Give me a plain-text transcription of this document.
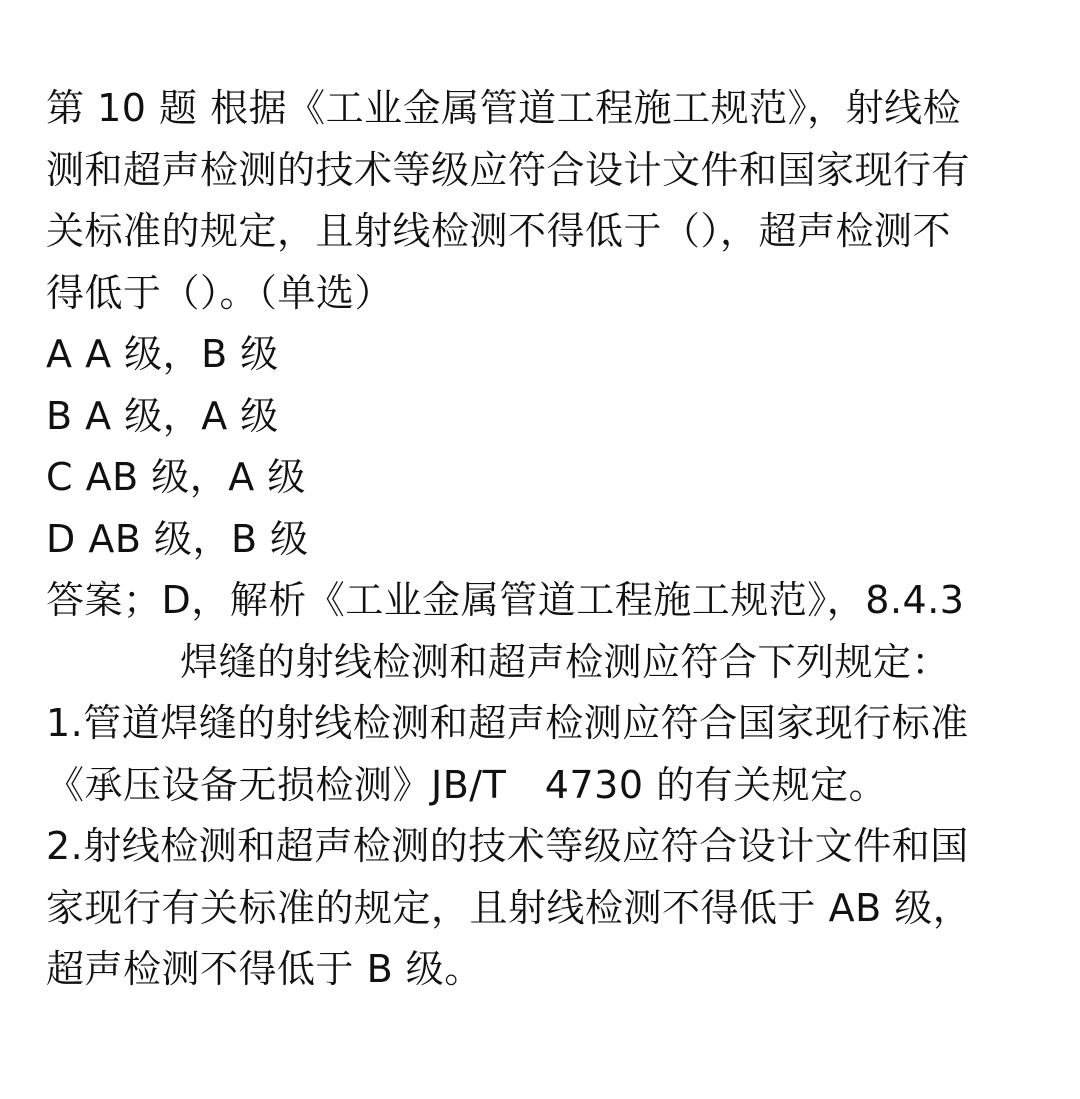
第 10 题 根据《工业金属管道工程施工规范》，射线检
测和超声检测的技术等级应符合设计文件和国家现行有
关标准的规定，且射线检测不得低于（），超声检测不
得低于（）。（单选）
A A 级，B 级
B A 级，A 级
C AB 级，A 级
D AB 级，B 级
答案；D，解析《工业金属管道工程施工规范》，8.4.3
焊缝的射线检测和超声检测应符合下列规定：
1.管道焊缝的射线检测和超声检测应符合国家现行标准
《承压设备无损检测》JB/T　4730 的有关规定。
2.射线检测和超声检测的技术等级应符合设计文件和国
家现行有关标准的规定，且射线检测不得低于 AB 级，
超声检测不得低于 B 级。
